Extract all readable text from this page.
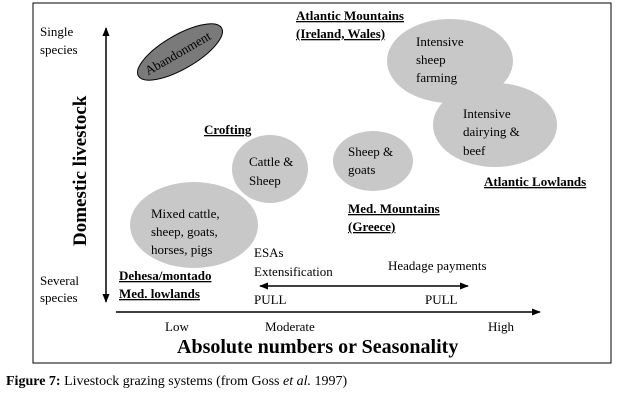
Domestic livestock
Single
species
Several
species
Low	Moderate	High
Absolute numbers or Seasonality
Abandonment	Intensive
sheep
farming
Intensive
dairying &
beef
Cattle &
Sheep
Sheep &
goats
Mixed cattle,
sheep, goats,
horses, pigs
Atlantic Mountains
(Ireland, Wales)
Crofting
Atlantic Lowlands
Med. Mountains
(Greece)
Dehesa/montado
Med. lowlands
ESAs
Extensification	Headage payments
PULL	PULL
Figure 7: Livestock grazing systems (from Goss et al. 1997)
